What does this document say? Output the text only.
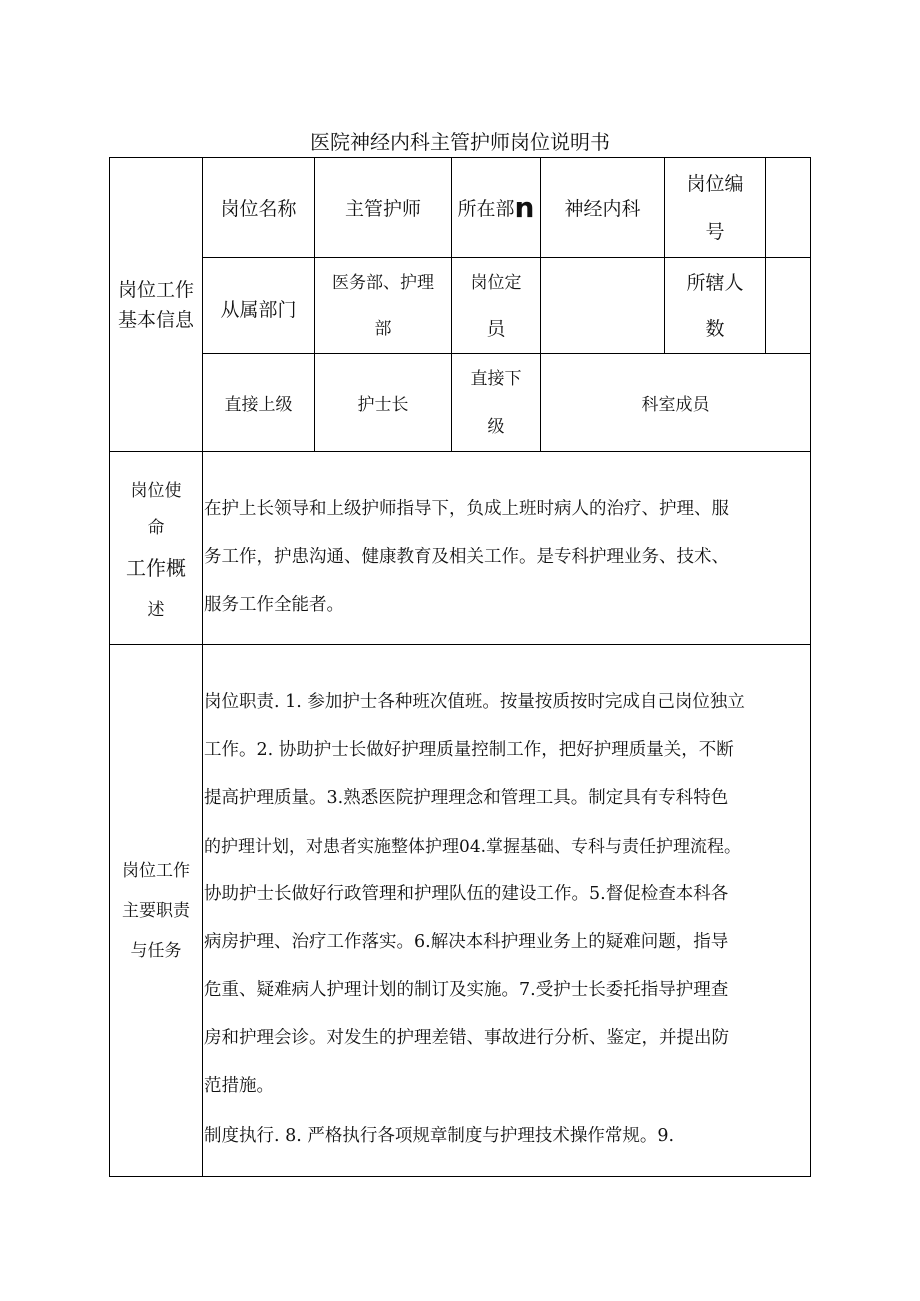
医院神经内科主管护师岗位说明书
岗位工作
基本信息
岗位名称	主管护师 所在部 n 神经内科
岗位编
号
从属部门
医务部、护理
部
岗位定
员
所辖人
数
直接上级	护士长
直接下
级
科室成员
岗位使
命
工作概
述
在护上长领导和上级护师指导下，负成上班时病人的治疗、护理、服
务工作，护患沟通、健康教育及相关工作。是专科护理业务、技术、
服务工作全能者。
岗位工作
主要职责
与任务
岗位职责. 1. 参加护士各种班次值班。按量按质按时完成自己岗位独立
工作。2. 协助护士长做好护理质量控制工作，把好护理质量关，不断
提高护理质量。3.熟悉医院护理理念和管理工具。制定具有专科特色
的护理计划，对患者实施整体护理04.掌握基础、专科与责任护理流程。
协助护士长做好行政管理和护理队伍的建设工作。5.督促检查本科各
病房护理、治疗工作落实。6.解决本科护理业务上的疑难问题，指导
危重、疑难病人护理计划的制订及实施。7.受护士长委托指导护理查
房和护理会诊。对发生的护理差错、事故进行分析、鉴定，并提出防
范措施。
制度执行. 8. 严格执行各项规章制度与护理技术操作常规。9.
